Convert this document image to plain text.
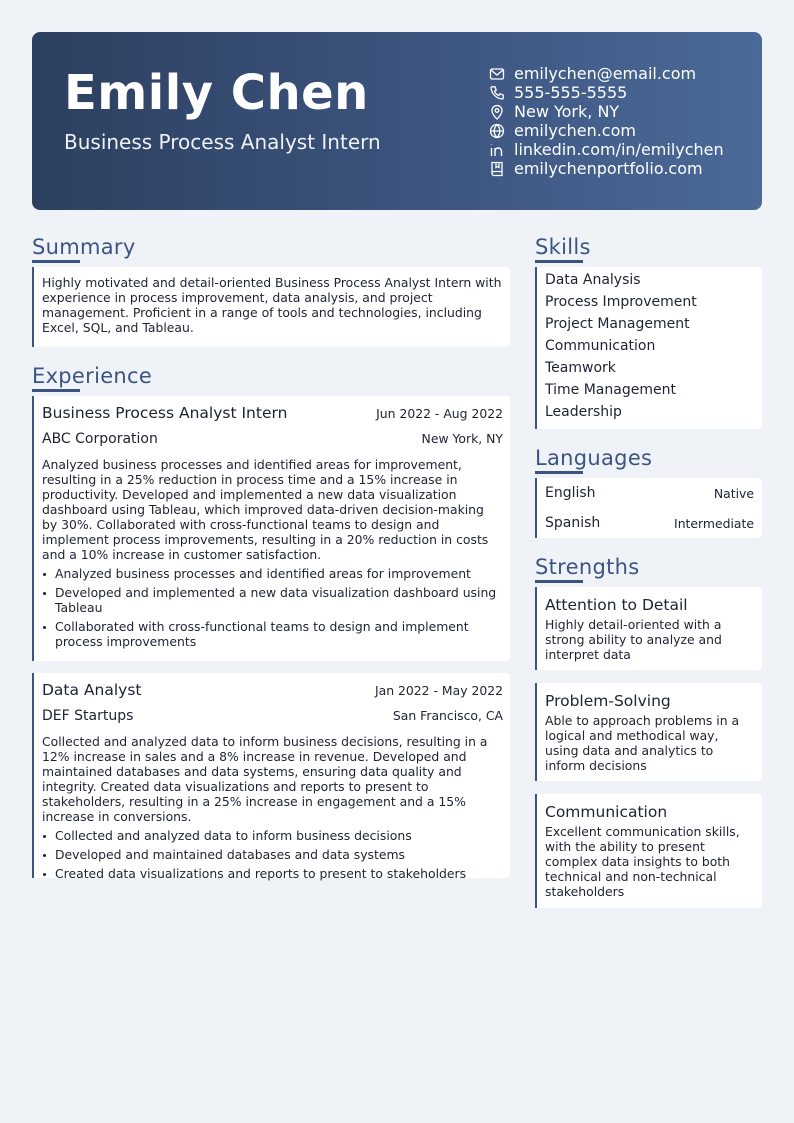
Emily Chen
Business Process Analyst Intern
emilychen@email.com
555-555-5555
New York, NY
emilychen.com
linkedin.com/in/emilychen
emilychenportfolio.com
Summary

Highly motivated and detail-oriented Business Process Analyst Intern with experience in process improvement, data analysis, and project management. Proficient in a range of tools and technologies, including Excel, SQL, and Tableau.

Experience
Business Process Analyst Intern	Jun 2022 - Aug 2022
ABC Corporation	New York, NY

Analyzed business processes and identified areas for improvement, resulting in a 25% reduction in process time and a 15% increase in productivity. Developed and implemented a new data visualization dashboard using Tableau, which improved data-driven decision-making by 30%. Collaborated with cross-functional teams to design and implement process improvements, resulting in a 20% reduction in costs and a 10% increase in customer satisfaction.

Analyzed business processes and identified areas for improvement
Developed and implemented a new data visualization dashboard using Tableau
Collaborated with cross-functional teams to design and implement process improvements
Data Analyst	Jan 2022 - May 2022
DEF Startups	San Francisco, CA

Collected and analyzed data to inform business decisions, resulting in a 12% increase in sales and a 8% increase in revenue. Developed and maintained databases and data systems, ensuring data quality and integrity. Created data visualizations and reports to present to stakeholders, resulting in a 25% increase in engagement and a 15% increase in conversions.

Collected and analyzed data to inform business decisions
Developed and maintained databases and data systems
Created data visualizations and reports to present to stakeholders
Skills
Data Analysis
Process Improvement
Project Management
Communication
Teamwork
Time Management
Leadership
Languages
English	Native
Spanish	Intermediate
Strengths
Attention to Detail

Highly detail-oriented with a strong ability to analyze and interpret data

Problem-Solving

Able to approach problems in a logical and methodical way, using data and analytics to inform decisions

Communication

Excellent communication skills, with the ability to present complex data insights to both technical and non-technical stakeholders
